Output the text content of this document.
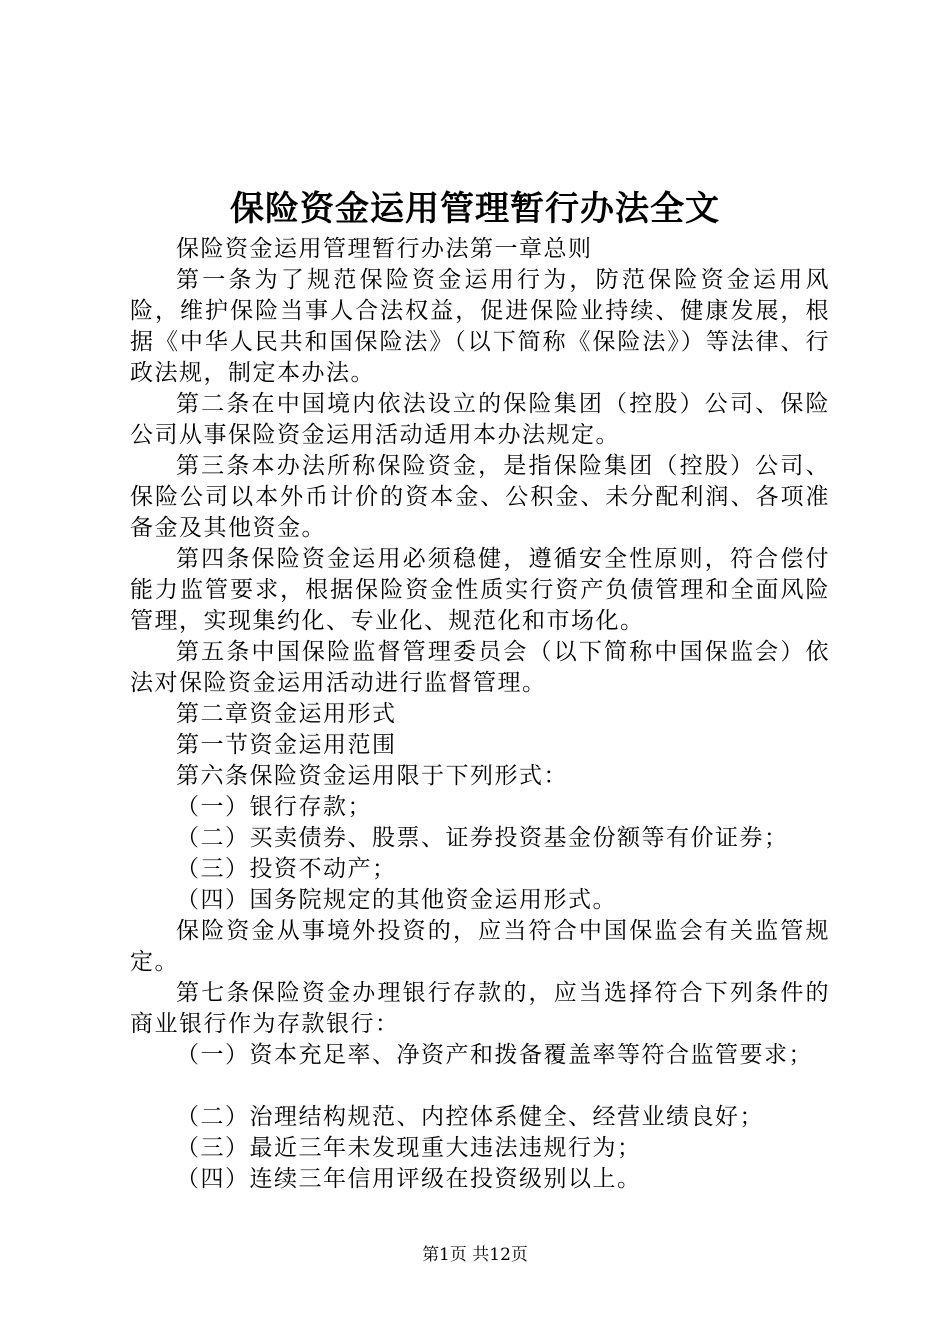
保险资金运用管理暂行办法全文

保险资金运用管理暂行办法第一章总则

第一条为了规范保险资金运用行为，防范保险资金运用风险，维护保险当事人合法权益，促进保险业持续、健康发展，根据《中华人民共和国保险法》（以下简称《保险法》）等法律、行政法规，制定本办法。

第二条在中国境内依法设立的保险集团（控股）公司、保险公司从事保险资金运用活动适用本办法规定。

第三条本办法所称保险资金，是指保险集团（控股）公司、保险公司以本外币计价的资本金、公积金、未分配利润、各项准备金及其他资金。

第四条保险资金运用必须稳健，遵循安全性原则，符合偿付能力监管要求，根据保险资金性质实行资产负债管理和全面风险管理，实现集约化、专业化、规范化和市场化。

第五条中国保险监督管理委员会（以下简称中国保监会）依法对保险资金运用活动进行监督管理。

第二章资金运用形式

第一节资金运用范围

第六条保险资金运用限于下列形式：

（一）银行存款；

（二）买卖债券、股票、证券投资基金份额等有价证券；

（三）投资不动产；

（四）国务院规定的其他资金运用形式。

保险资金从事境外投资的，应当符合中国保监会有关监管规定。

第七条保险资金办理银行存款的，应当选择符合下列条件的商业银行作为存款银行：

（一）资本充足率、净资产和拨备覆盖率等符合监管要求；

（二）治理结构规范、内控体系健全、经营业绩良好；

（三）最近三年未发现重大违法违规行为；

（四）连续三年信用评级在投资级别以上。

第1页 共12页
